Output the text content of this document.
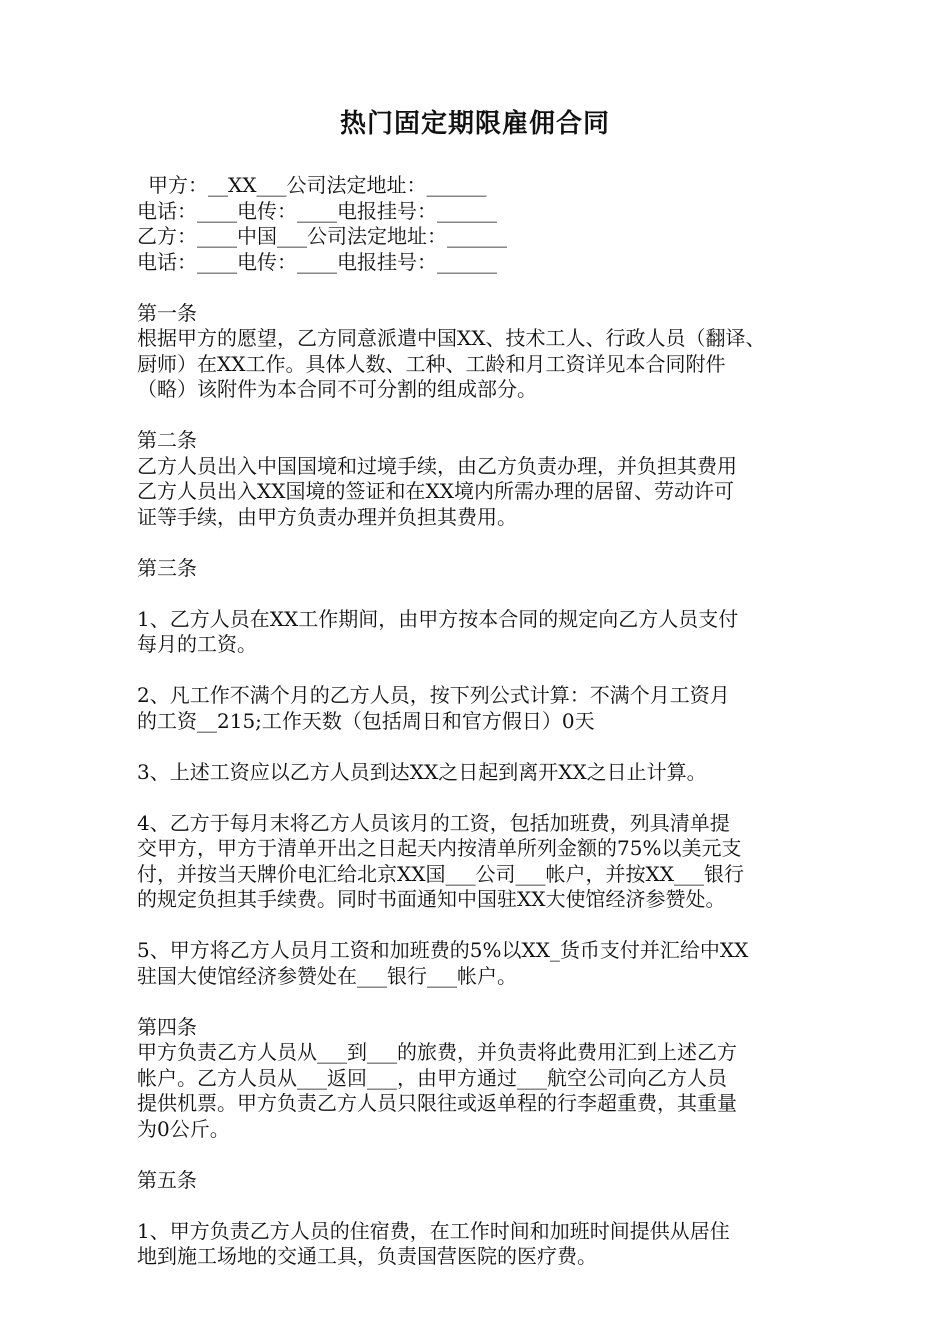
热门固定期限雇佣合同
甲方：__XX___公司法定地址：______
电话：____电传：____电报挂号：______
乙方：____中国___公司法定地址：______
电话：____电传：____电报挂号：______
第一条
根据甲方的愿望，乙方同意派遣中国XX、技术工人、行政人员（翻译、
厨师）在XX工作。具体人数、工种、工龄和月工资详见本合同附件
（略）该附件为本合同不可分割的组成部分。
第二条
乙方人员出入中国国境和过境手续，由乙方负责办理，并负担其费用
乙方人员出入XX国境的签证和在XX境内所需办理的居留、劳动许可
证等手续，由甲方负责办理并负担其费用。
第三条
1、乙方人员在XX工作期间，由甲方按本合同的规定向乙方人员支付
每月的工资。
2、凡工作不满个月的乙方人员，按下列公式计算：不满个月工资月
的工资__215;工作天数（包括周日和官方假日）0天
3、上述工资应以乙方人员到达XX之日起到离开XX之日止计算。
4、乙方于每月末将乙方人员该月的工资，包括加班费，列具清单提
交甲方，甲方于清单开出之日起天内按清单所列金额的75%以美元支
付，并按当天牌价电汇给北京XX国___公司___帐户，并按XX___银行
的规定负担其手续费。同时书面通知中国驻XX大使馆经济参赞处。
5、甲方将乙方人员月工资和加班费的5%以XX_货币支付并汇给中XX
驻国大使馆经济参赞处在___银行___帐户。
第四条
甲方负责乙方人员从___到___的旅费，并负责将此费用汇到上述乙方
帐户。乙方人员从___返回___，由甲方通过___航空公司向乙方人员
提供机票。甲方负责乙方人员只限往或返单程的行李超重费，其重量
为0公斤。
第五条
1、甲方负责乙方人员的住宿费，在工作时间和加班时间提供从居住
地到施工场地的交通工具，负责国营医院的医疗费。
